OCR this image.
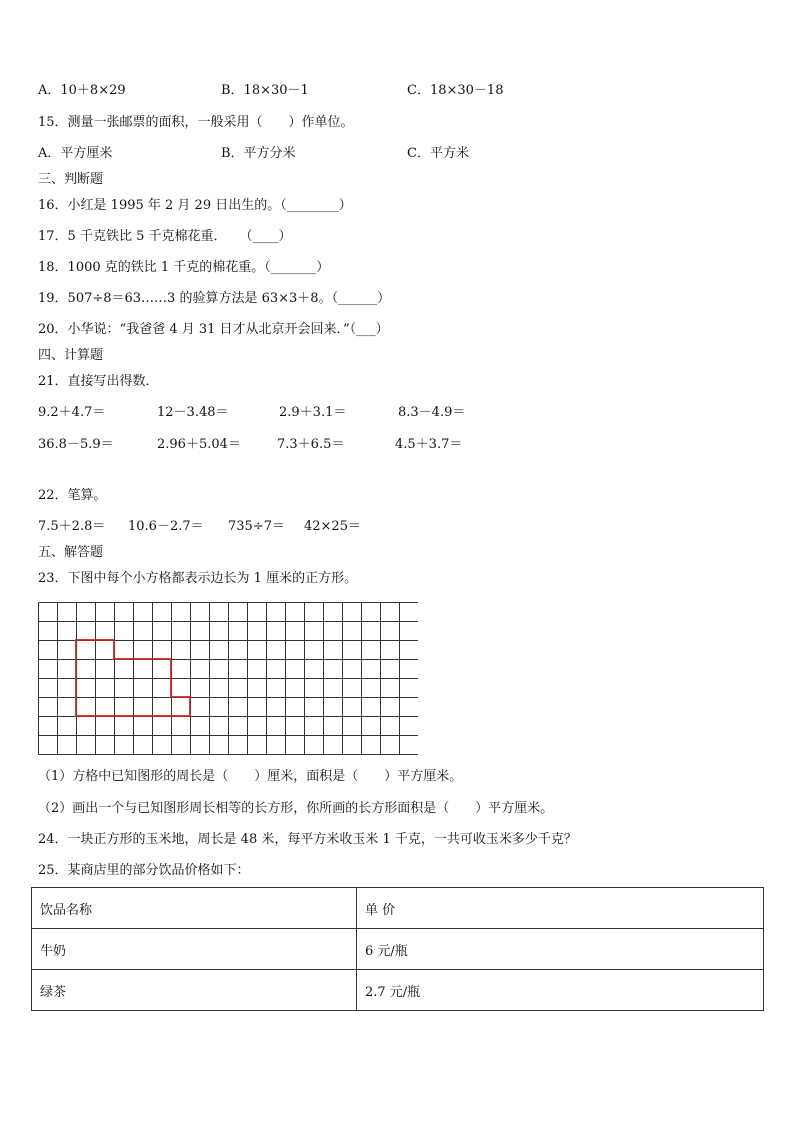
A．10＋8×29	B．18×30－1	C．18×30－18
15．测量一张邮票的面积，一般采用（　　）作单位。
A．平方厘米	B．平方分米	C．平方米
三、判断题
16．小红是 1995 年 2 月 29 日出生的。（________）
17．5 千克铁比 5 千克棉花重．　　（____）
18．1000 克的铁比 1 千克的棉花重。（_______）
19．507÷8＝63……3 的验算方法是 63×3＋8。（______）
20．小华说：“我爸爸 4 月 31 日才从北京开会回来．”（___）
四、计算题
21．直接写出得数．
9.2＋4.7＝	12－3.48＝	2.9＋3.1＝	8.3－4.9＝
36.8－5.9＝	2.96＋5.04＝	7.3＋6.5＝	4.5＋3.7＝
22．笔算。
7.5＋2.8＝ 10.6－2.7＝ 735÷7＝ 42×25＝
五、解答题
23．下图中每个小方格都表示边长为 1 厘米的正方形。
（1）方格中已知图形的周长是（　　）厘米，面积是（　　）平方厘米。
（2）画出一个与已知图形周长相等的长方形，你所画的长方形面积是（　　）平方厘米。
24．一块正方形的玉米地，周长是 48 米，每平方米收玉米 1 千克，一共可收玉米多少千克？
25．某商店里的部分饮品价格如下：
饮品名称	单 价
牛奶	6 元/瓶
绿茶	2.7 元/瓶
